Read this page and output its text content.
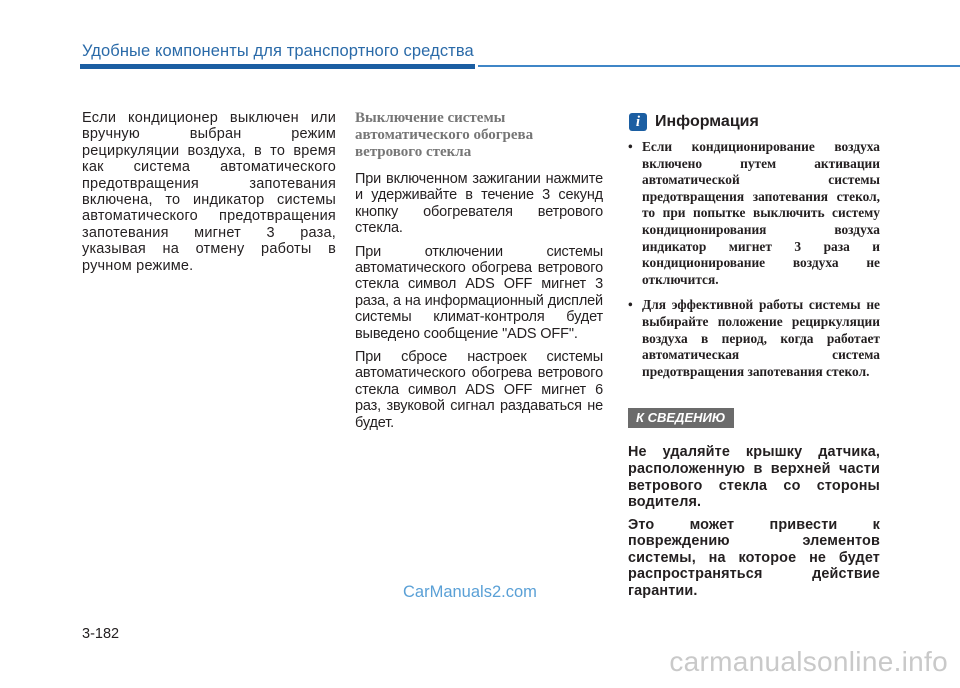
Удобные компоненты для транспортного средства

Если кондиционер выключен или вручную выбран режим рециркуляции воздуха, в то время как система автоматического предотвращения запотевания включена, то индикатор системы автоматического предотвращения запотевания мигнет 3 раза, указывая на отмену работы в ручном режиме.

Выключение системы автоматического обогрева ветрового стекла

При включенном зажигании нажмите и удерживайте в течение 3 секунд кнопку обогревателя ветрового стекла.

При отключении системы автоматического обогрева ветрового стекла символ ADS OFF мигнет 3 раза, а на информационный дисплей системы климат-контроля будет выведено сообщение "ADS OFF".

При сбросе настроек системы автоматического обогрева ветрового стекла символ ADS OFF мигнет 6 раз, звуковой сигнал раздаваться не будет.

i Информация
• Если кондиционирование воздуха включено путем активации автоматической системы предотвращения запотевания стекол, то при попытке выключить систему кондиционирования воздуха индикатор мигнет 3 раза и кондиционирование воздуха не отключится.
• Для эффективной работы системы не выбирайте положение рециркуляции воздуха в период, когда работает автоматическая система предотвращения запотевания стекол.
К СВЕДЕНИЮ

Не удаляйте крышку датчика, расположенную в верхней части ветрового стекла со стороны водителя.

Это может привести к повреждению элементов системы, на которое не будет распространяться действие гарантии.

CarManuals2.com
3-182
carmanualsonline.info
